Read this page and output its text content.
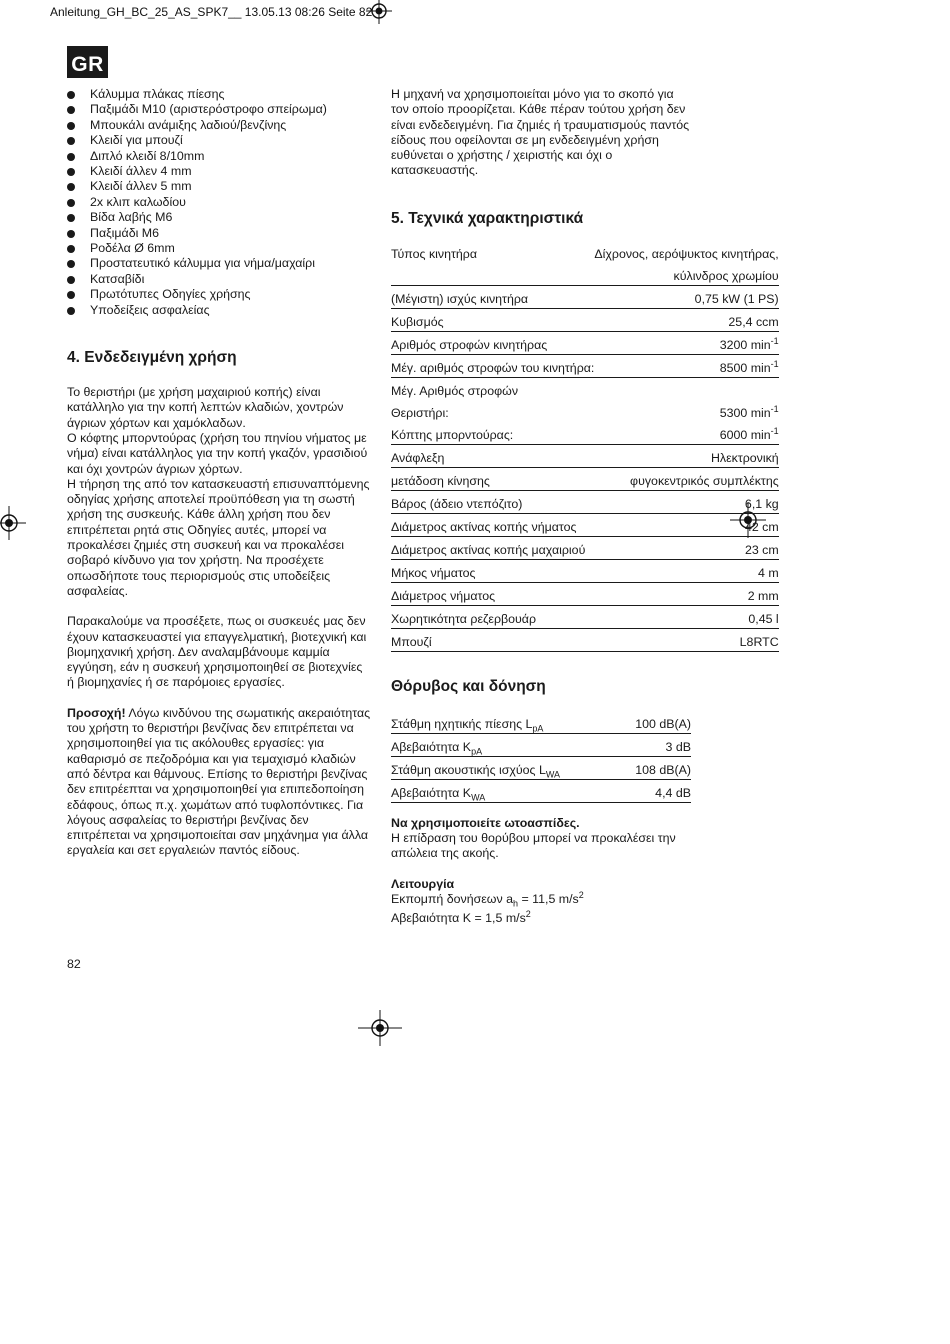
Anleitung_GH_BC_25_AS_SPK7__ 13.05.13 08:26 Seite 82
GR
Κάλυμμα πλάκας πίεσης
Παξιμάδι M10 (αριστερόστροφο σπείρωμα)
Μπουκάλι ανάμιξης λαδιού/βενζίνης
Κλειδί για μπουζί
Διπλό κλειδί 8/10mm
Κλειδί άλλεν 4 mm
Κλειδί άλλεν 5 mm
2x κλιπ καλωδίου
Βίδα λαβής M6
Παξιμάδι M6
Ροδέλα Ø 6mm
Προστατευτικό κάλυμμα για νήμα/μαχαίρι
Κατσαβίδι
Πρωτότυπες Οδηγίες χρήσης
Υποδείξεις ασφαλείας
4. Ενδεδειγμένη χρήση

Το θεριστήρι (με χρήση μαχαιριού κοπής) είναι κατάλληλο για την κοπή λεπτών κλαδιών, χοντρών άγριων χόρτων και χαμόκλαδων.

Ο κόφτης μπορντούρας (χρήση του πηνίου νήματος με νήμα) είναι κατάλληλος για την κοπή γκαζόν, γρασιδιού και όχι χοντρών άγριων χόρτων.

Η τήρηση της από τον κατασκευαστή επισυναπτόμενης οδηγίας χρήσης αποτελεί προϋπόθεση για τη σωστή χρήση της συσκευής. Κάθε άλλη χρήση που δεν επιτρέπεται ρητά στις Οδηγίες αυτές, μπορεί να προκαλέσει ζημιές στη συσκευή και να προκαλέσει σοβαρό κίνδυνο για τον χρήστη. Να προσέχετε οπωσδήποτε τους περιορισμούς στις υποδείξεις ασφαλείας.

Παρακαλούμε να προσέξετε, πως οι συσκευές μας δεν έχουν κατασκευαστεί για επαγγελματική, βιοτεχνική και βιομηχανική χρήση. Δεν αναλαμβάνουμε καμμία εγγύηση, εάν η συσκευή χρησιμοποιηθεί σε βιοτεχνίες ή βιομηχανίες ή σε παρόμοιες εργασίες.

Προσοχή! Λόγω κινδύνου της σωματικής ακεραιότητας του χρήστη το θεριστήρι βενζίνας δεν επιτρέπεται να χρησιμοποιηθεί για τις ακόλουθες εργασίες: για καθαρισμό σε πεζοδρόμια και για τεμαχισμό κλαδιών από δέντρα και θάμνους. Επίσης το θεριστήρι βενζίνας δεν επιτρέεπται να χρησιμοποιηθεί για επιπεδοποίηση εδάφους, όπως π.χ. χωμάτων από τυφλοπόντικες. Για λόγους ασφαλείας το θεριστήρι βενζίνας δεν επιτρέπεται να χρησιμοποιείται σαν μηχάνημα για άλλα εργαλεία και σετ εργαλειών παντός είδους.

Η μηχανή να χρησιμοποιείται μόνο για το σκοπό για τον οποίο προορίζεται. Κάθε πέραν τούτου χρήση δεν είναι ενδεδειγμένη. Για ζημιές ή τραυματισμούς παντός είδους που οφείλονται σε μη ενδεδειγμένη χρήση ευθύνεται ο χρήστης / χειριστής και όχι ο κατασκευαστής.

5. Τεχνικά χαρακτηριστικά
Τύπος κινητήρα	Δίχρονος, αερόψυκτος κινητήρας,
	κύλινδρος χρωμίου
(Μέγιστη) ισχύς κινητήρα	0,75 kW (1 PS)
Κυβισμός	25,4 ccm
Αριθμός στροφών κινητήρας	3200 $\min^{-1}$
Μέγ. αριθμός στροφών του κινητήρα:	8500 $\min^{-1}$
Μέγ. Αριθμός στροφών	
Θεριστήρι:	5300 $\min^{-1}$
Κόπτης μπορντούρας:	6000 $\min^{-1}$
Ανάφλεξη	Ηλεκτρονική
μετάδοση κίνησης	φυγοκεντρικός συμπλέκτης
Βάρος (άδειο ντεπόζιτο)	6,1 kg
Διάμετρος ακτίνας κοπής νήματος	42 cm
Διάμετρος ακτίνας κοπής μαχαιριού	23 cm
Μήκος νήματος	4 m
Διάμετρος νήματος	2 mm
Χωρητικότητα ρεζερβουάρ	0,45 l
Μπουζί	L8RTC
Θόρυβος και δόνηση
Στάθμη ηχητικής πίεσης $L_{pA}$	100 dB(A)
Αβεβαιότητα $K_{pA}$	3 dB
Στάθμη ακουστικής ισχύος $L_{WA}$	108 dB(A)
Αβεβαιότητα $K_{WA}$	4,4 dB

Να χρησιμοποιείτε ωτοασπίδες.

Η επίδραση του θορύβου μπορεί να προκαλέσει την απώλεια της ακοής.

Λειτουργία

Εκπομπή δονήσεων $a_h = 11,5$ $m/s^2$

Αβεβαιότητα K = 1,5 $m/s^2$

82
